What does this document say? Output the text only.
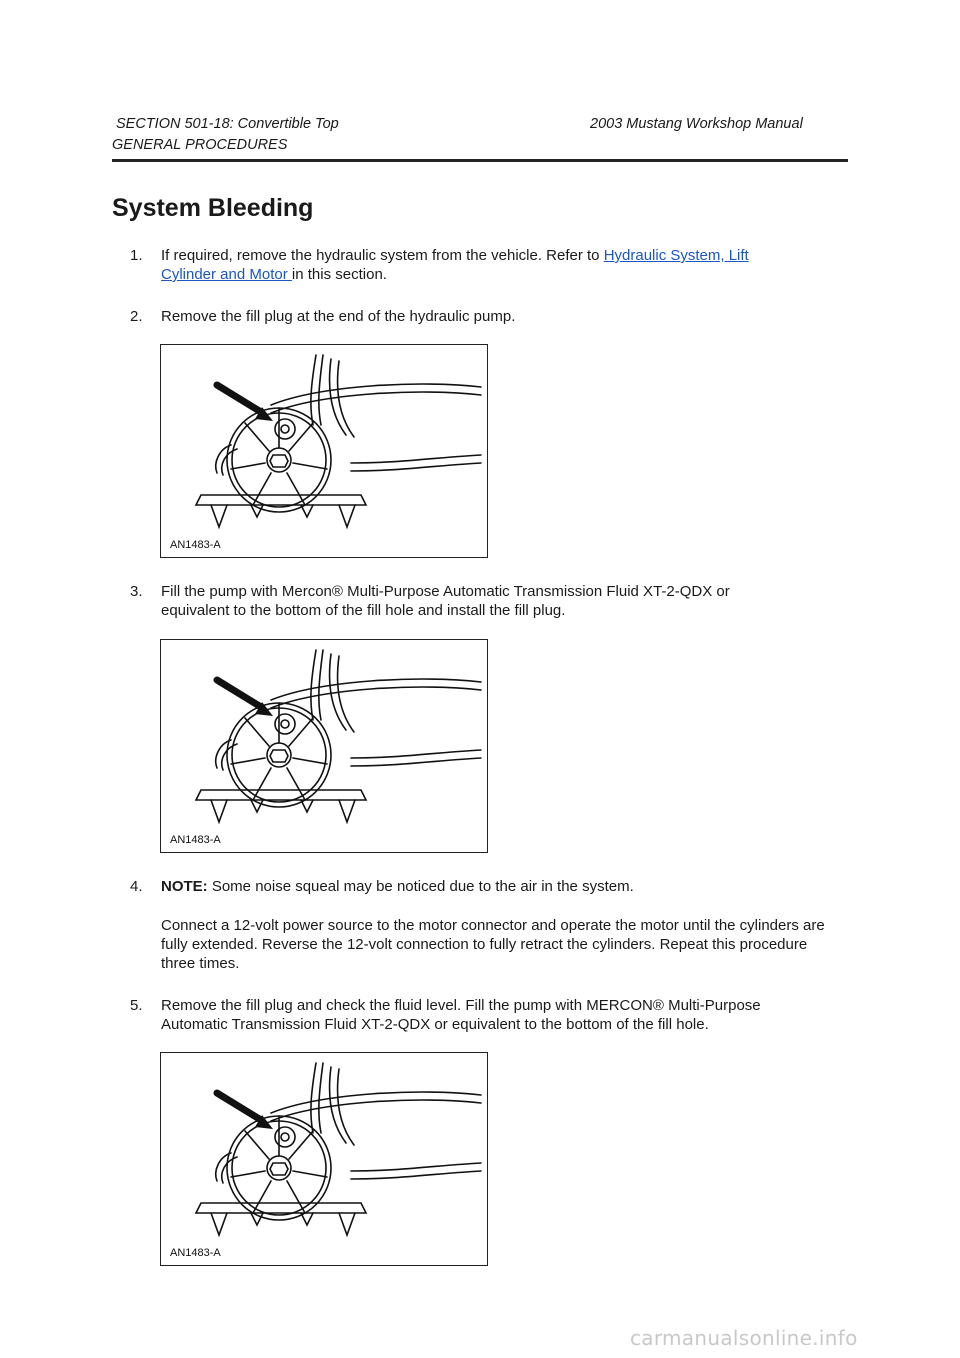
SECTION 501-18: Convertible Top	2003 Mustang Workshop Manual
GENERAL PROCEDURES
System Bleeding
1. If required, remove the hydraulic system from the vehicle. Refer to Hydraulic System, Lift Cylinder and Motor in this section.
2. Remove the fill plug at the end of the hydraulic pump.
AN1483-A
3. Fill the pump with Mercon® Multi-Purpose Automatic Transmission Fluid XT-2-QDX or equivalent to the bottom of the fill hole and install the fill plug.
AN1483-A
4. NOTE: Some noise squeal may be noticed due to the air in the system.
Connect a 12-volt power source to the motor connector and operate the motor until the cylinders are fully extended. Reverse the 12-volt connection to fully retract the cylinders. Repeat this procedure three times.
5. Remove the fill plug and check the fluid level. Fill the pump with MERCON® Multi-Purpose Automatic Transmission Fluid XT-2-QDX or equivalent to the bottom of the fill hole.
AN1483-A
carmanualsonline.info
